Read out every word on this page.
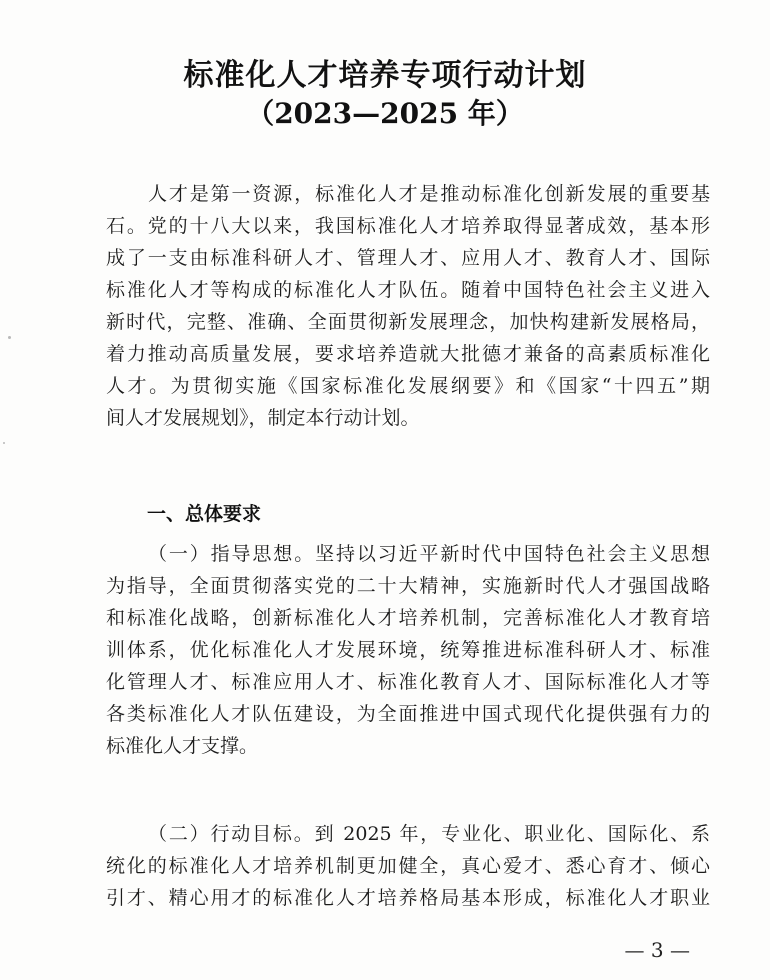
标准化人才培养专项行动计划
（2023—2025 年）
人才是第一资源，标准化人才是推动标准化创新发展的重要基
石。党的十八大以来，我国标准化人才培养取得显著成效，基本形
成了一支由标准科研人才、管理人才、应用人才、教育人才、国际
标准化人才等构成的标准化人才队伍。随着中国特色社会主义进入
新时代，完整、准确、全面贯彻新发展理念，加快构建新发展格局，
着力推动高质量发展，要求培养造就大批德才兼备的高素质标准化
人才。为贯彻实施《国家标准化发展纲要》和《国家“十四五”期
间人才发展规划》，制定本行动计划。
一、总体要求
（一）指导思想。坚持以习近平新时代中国特色社会主义思想
为指导，全面贯彻落实党的二十大精神，实施新时代人才强国战略
和标准化战略，创新标准化人才培养机制，完善标准化人才教育培
训体系，优化标准化人才发展环境，统筹推进标准科研人才、标准
化管理人才、标准应用人才、标准化教育人才、国际标准化人才等
各类标准化人才队伍建设，为全面推进中国式现代化提供强有力的
标准化人才支撑。
（二）行动目标。到 2025 年，专业化、职业化、国际化、系
统化的标准化人才培养机制更加健全，真心爱才、悉心育才、倾心
引才、精心用才的标准化人才培养格局基本形成，标准化人才职业
— 3 —
